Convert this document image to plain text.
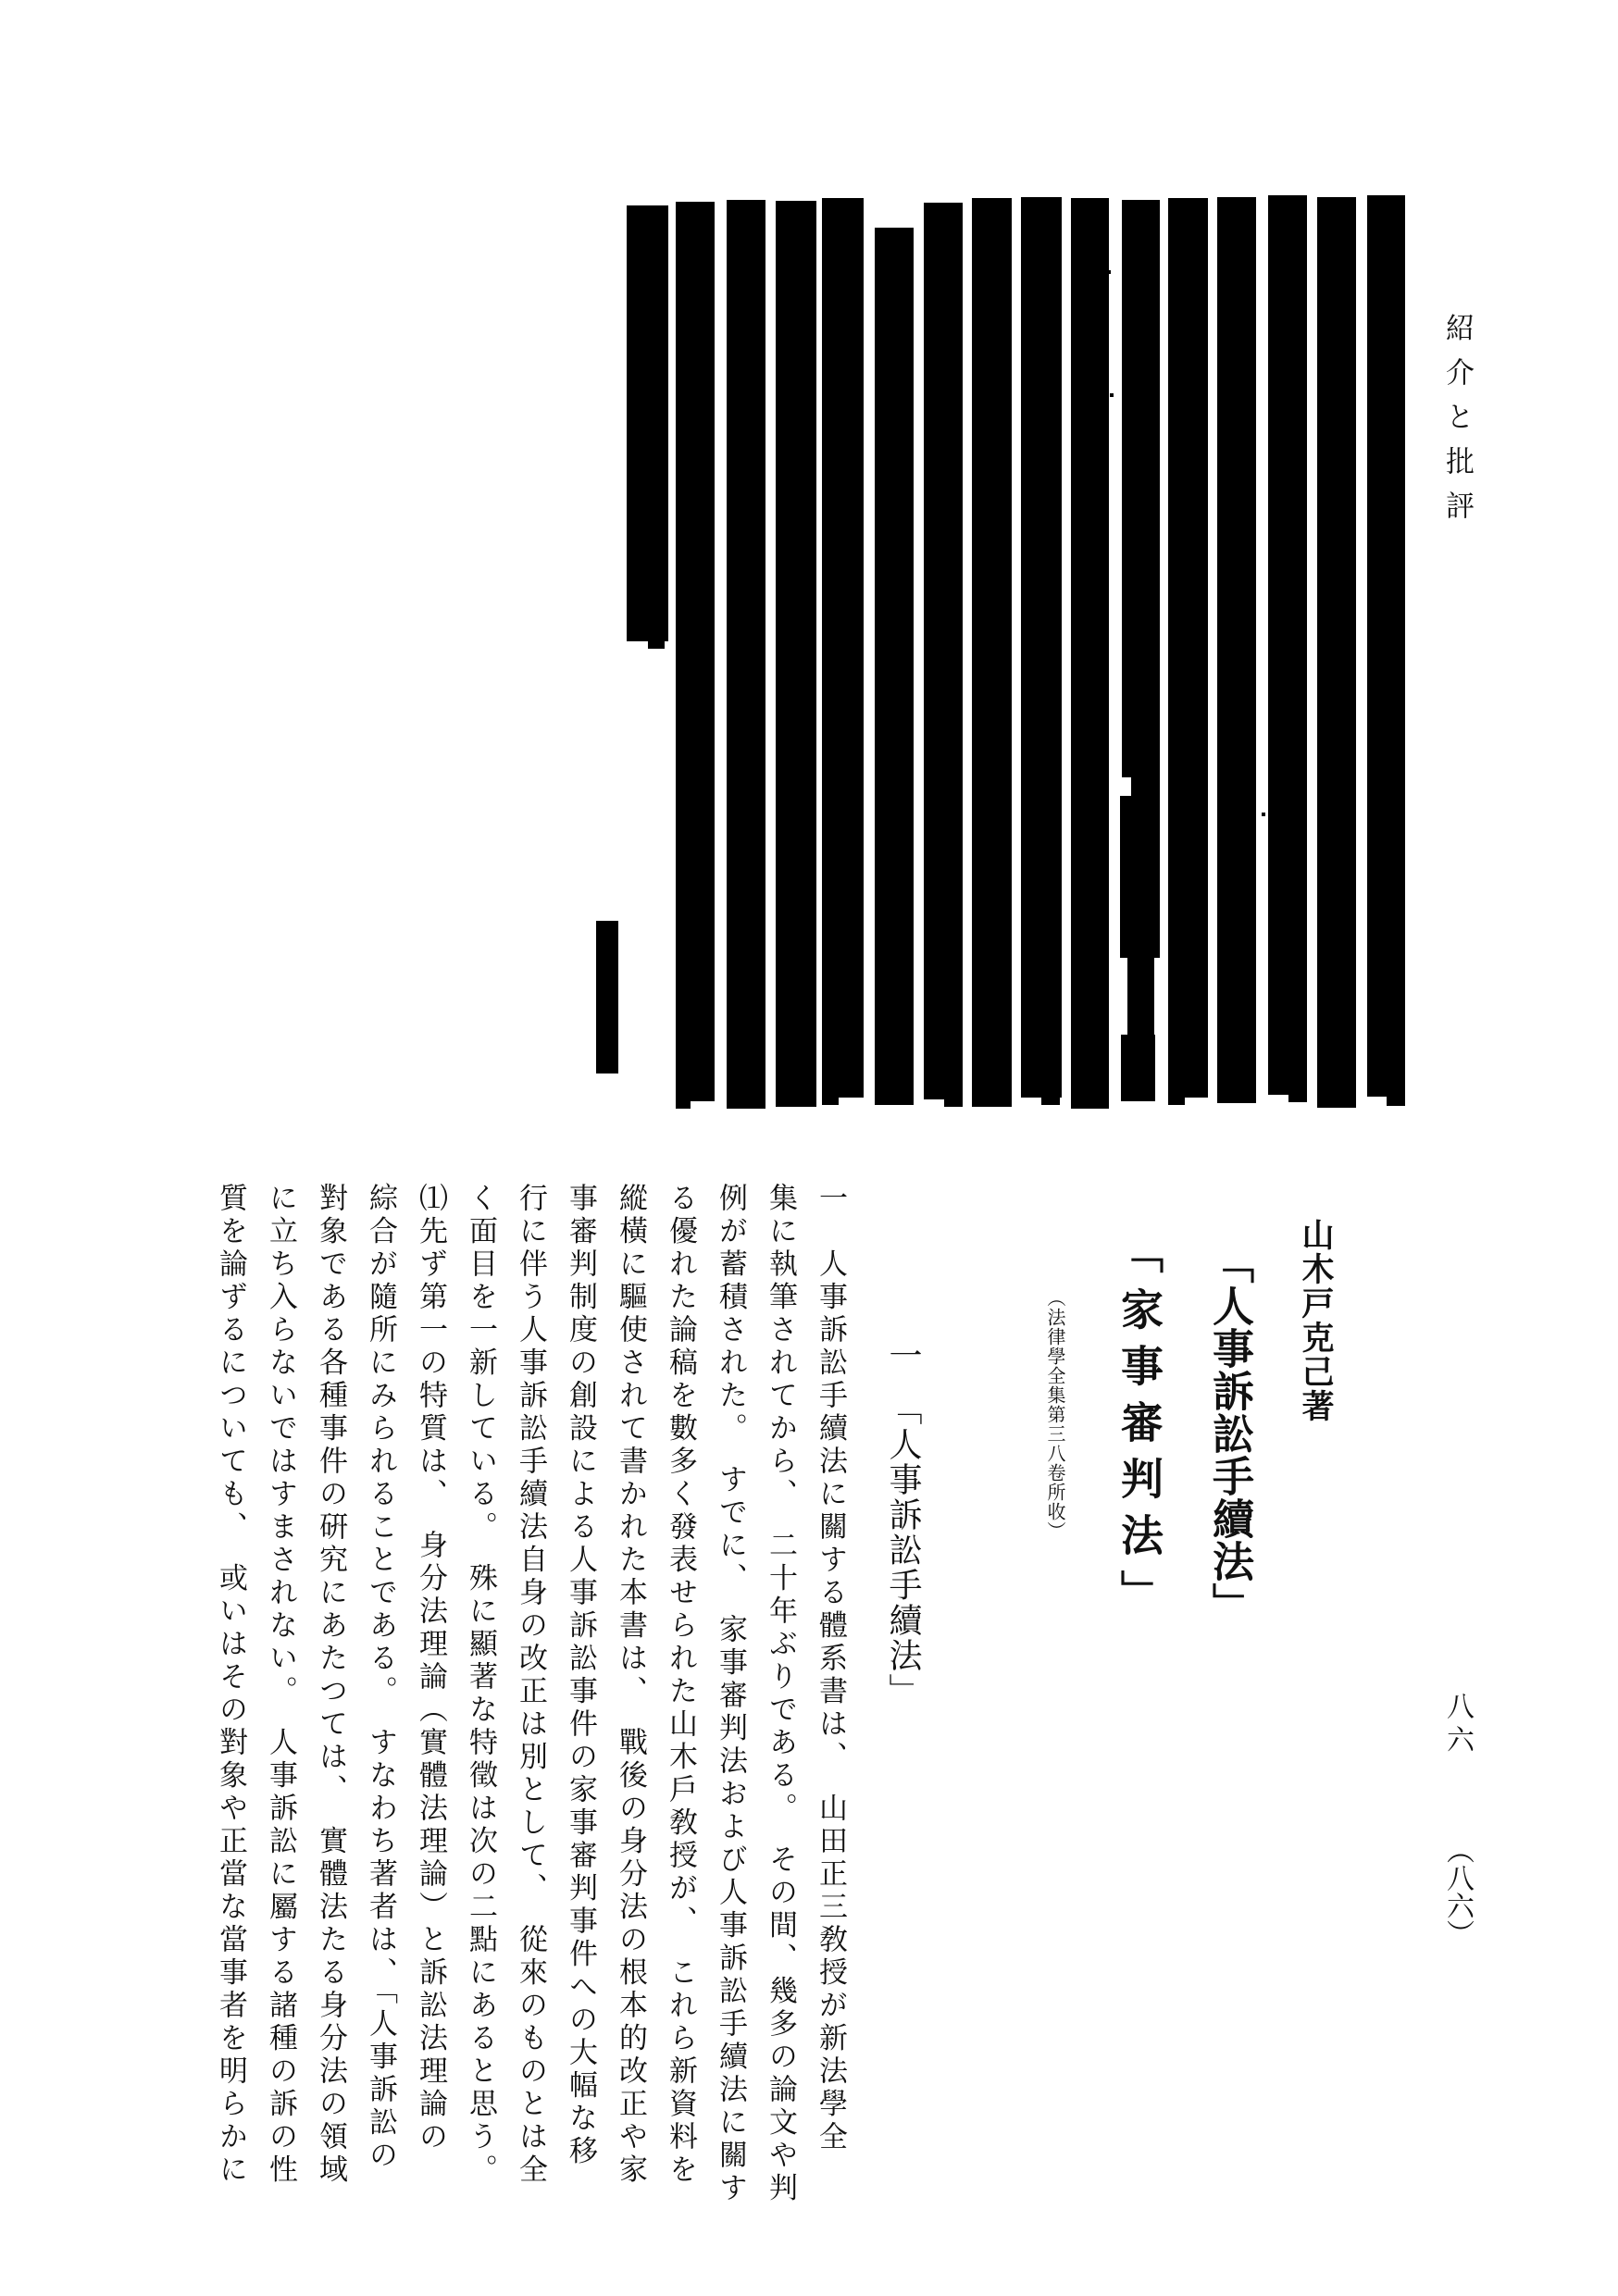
紹介と批評
山木戸克己著
「人事訴訟手續法」
「家事審判法」
（法律學全集第三八卷所收）
一　「人事訴訟手續法」
八六
（八六）
一　人事訴訟手續法に關する體系書は、　山田正三敎授が新法學全
集に執筆されてから、　二十年ぶりである。　その間、幾多の論文や判
例が蓄積された。　すでに、　家事審判法および人事訴訟手續法に關す
る優れた論稿を數多く發表せられた山木戶敎授が、　これら新資料を
縱橫に驅使されて書かれた本書は、　戰後の身分法の根本的改正や家
事審判制度の創設による人事訴訟事件の家事審判事件への大幅な移
行に伴う人事訴訟手續法自身の改正は別として、　從來のものとは全
く面目を一新している。　殊に顯著な特徵は次の二點にあると思う。
⑴先ず第一の特質は、　身分法理論（實體法理論）と訴訟法理論の
綜合が隨所にみられることである。　すなわち著者は、「人事訴訟の
對象である各種事件の硏究にあたつては、　實體法たる身分法の領域
に立ち入らないではすまされない。　人事訴訟に屬する諸種の訴の性
質を論ずるについても、　或いはその對象や正當な當事者を明らかに
